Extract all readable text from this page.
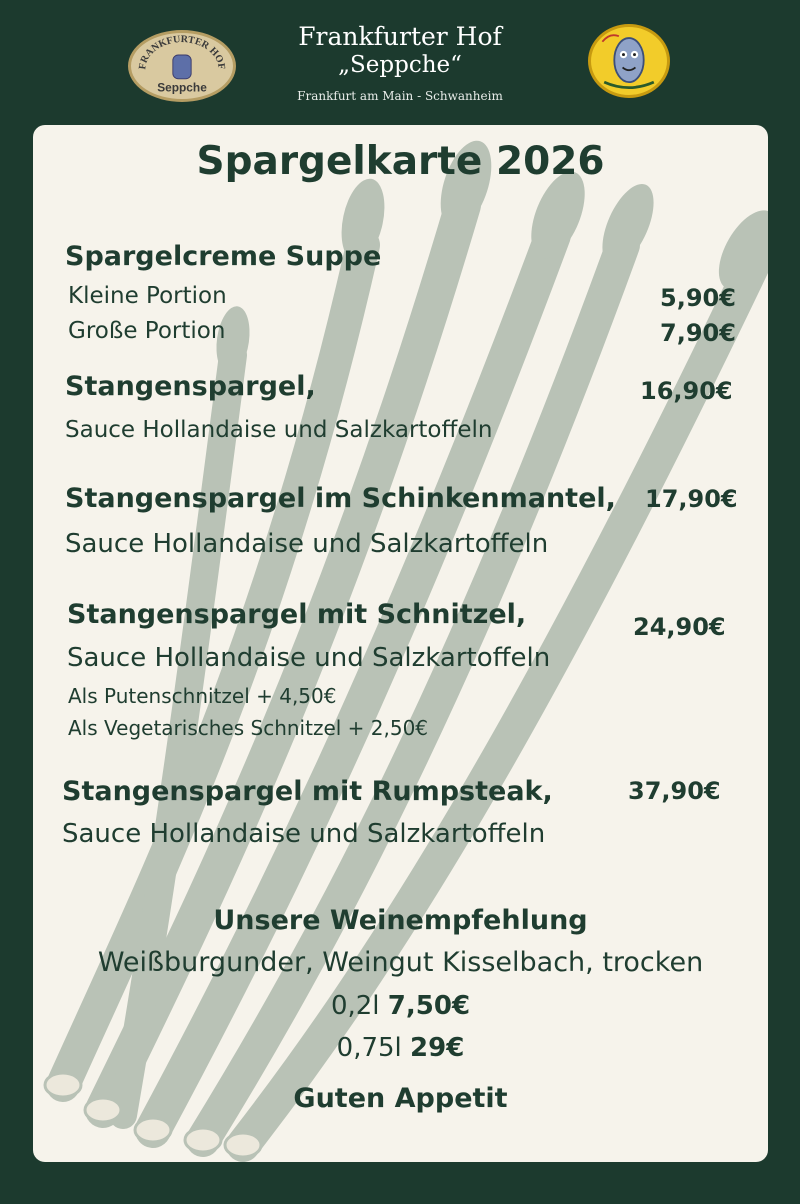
FRANKFURTER HOF
Seppche
Frankfurter Hof
„Seppche“
Frankfurt am Main - Schwanheim
Spargelkarte 2026
Spargelcreme Suppe
Kleine Portion	5,90€
Große Portion	7,90€
Stangenspargel,	16,90€
Sauce Hollandaise und Salzkartoffeln
Stangenspargel im Schinkenmantel, 17,90€
Sauce Hollandaise und Salzkartoffeln
Stangenspargel mit Schnitzel,	24,90€
Sauce Hollandaise und Salzkartoffeln
Als Putenschnitzel + 4,50€
Als Vegetarisches Schnitzel + 2,50€
Stangenspargel mit Rumpsteak,	37,90€
Sauce Hollandaise und Salzkartoffeln
Unsere Weinempfehlung
Weißburgunder, Weingut Kisselbach, trocken
0,2l 7,50€
0,75l 29€
Guten Appetit
